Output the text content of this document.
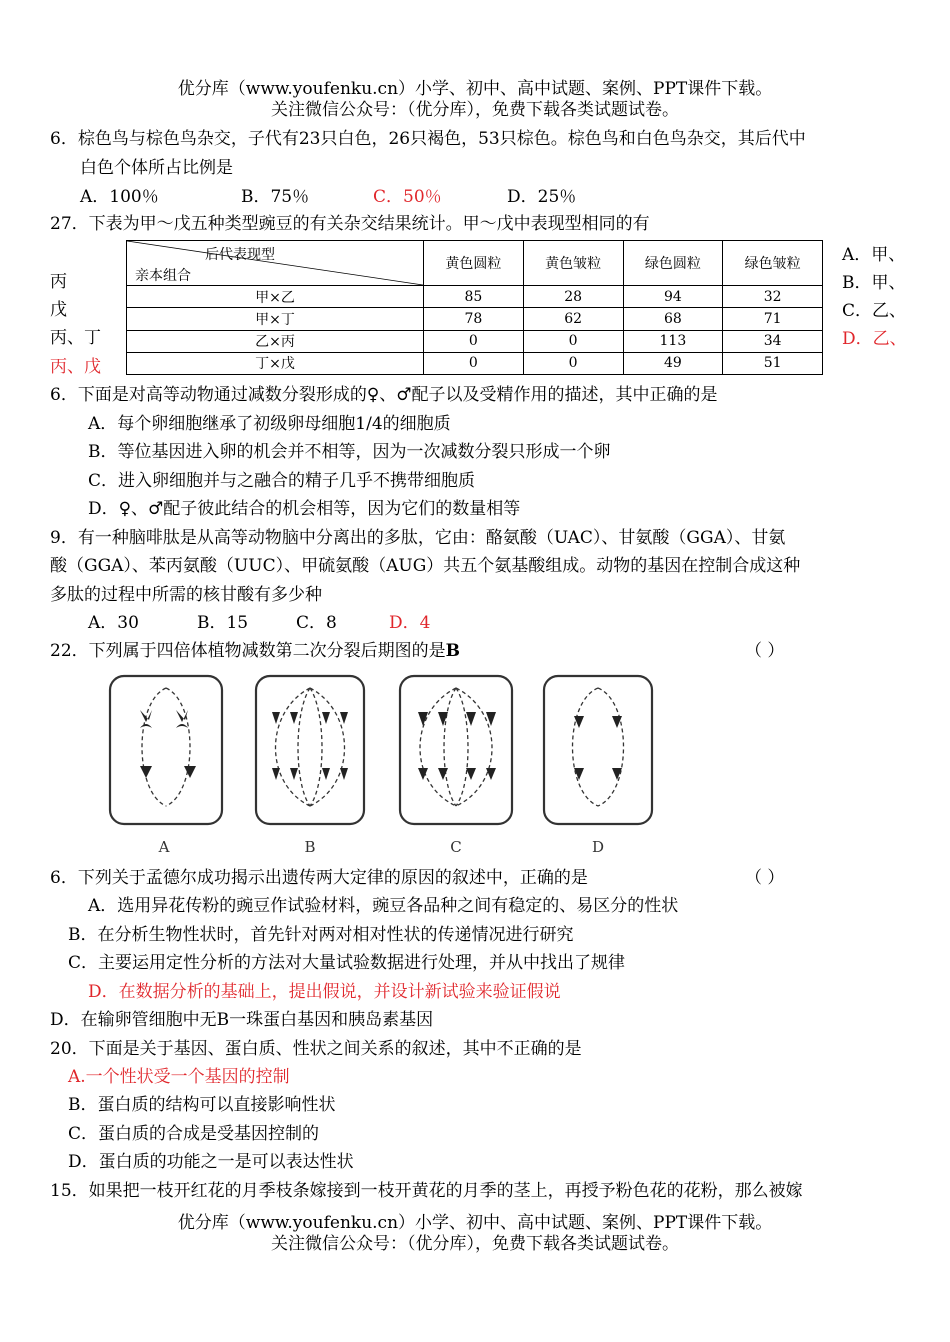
优分库（www.youfenku.cn）小学、初中、高中试题、案例、PPT课件下载。
关注微信公众号：（优分库），免费下载各类试题试卷。
6．棕色鸟与棕色鸟杂交，子代有23只白色，26只褐色，53只棕色。棕色鸟和白色鸟杂交，其后代中
白色个体所占比例是
A．100％	B．75％	C．50％	D．25％
27．下表为甲～戊五种类型豌豆的有关杂交结果统计。甲～戊中表现型相同的有
丙
戊
丙、丁
丙、戊
A．甲、
B．甲、
C．乙、
D．乙、
后代表现型
亲本组合	黄色圆粒	黄色皱粒	绿色圆粒	绿色皱粒
甲×乙	85	28	94	32
甲×丁	78	62	68	71
乙×丙	0	0	113	34
丁×戊	0	0	49	51
6．下面是对高等动物通过减数分裂形成的♀、♂配子以及受精作用的描述，其中正确的是
A．每个卵细胞继承了初级卵母细胞1/4的细胞质
B．等位基因进入卵的机会并不相等，因为一次减数分裂只形成一个卵
C．进入卵细胞并与之融合的精子几乎不携带细胞质
D．♀、♂配子彼此结合的机会相等，因为它们的数量相等
9．有一种脑啡肽是从高等动物脑中分离出的多肽，它由：酪氨酸（UAC）、甘氨酸（GGA）、甘氨
酸（GGA）、苯丙氨酸（UUC）、甲硫氨酸（AUG）共五个氨基酸组成。动物的基因在控制合成这种
多肽的过程中所需的核甘酸有多少种
A．30	B．15	C．8	D．4
22．下列属于四倍体植物减数第二次分裂后期图的是B	（ ）
A	B	C	D
6．下列关于孟德尔成功揭示出遗传两大定律的原因的叙述中，正确的是	（ ）
A．选用异花传粉的豌豆作试验材料，豌豆各品种之间有稳定的、易区分的性状
B．在分析生物性状时，首先针对两对相对性状的传递情况进行研究
C．主要运用定性分析的方法对大量试验数据进行处理，并从中找出了规律
D．在数据分析的基础上，提出假说，并设计新试验来验证假说
D．在输卵管细胞中无B一珠蛋白基因和胰岛素基因
20．下面是关于基因、蛋白质、性状之间关系的叙述，其中不正确的是
A.一个性状受一个基因的控制
B．蛋白质的结构可以直接影响性状
C．蛋白质的合成是受基因控制的
D．蛋白质的功能之一是可以表达性状
15．如果把一枝开红花的月季枝条嫁接到一枝开黄花的月季的茎上，再授予粉色花的花粉，那么被嫁
优分库（www.youfenku.cn）小学、初中、高中试题、案例、PPT课件下载。
关注微信公众号：（优分库），免费下载各类试题试卷。
